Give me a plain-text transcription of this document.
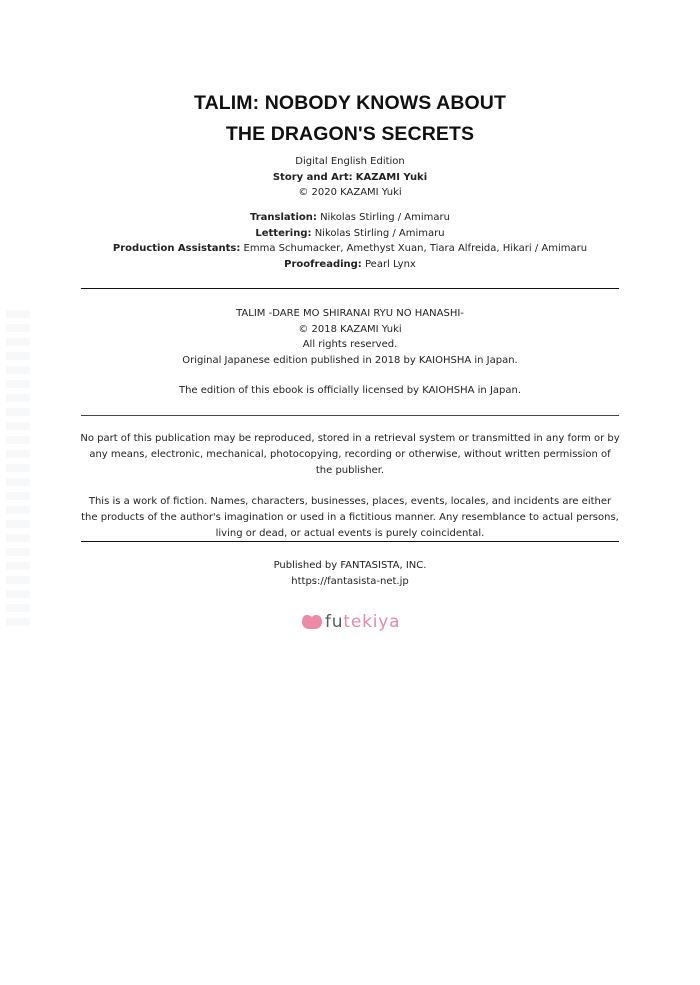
TALIM: NOBODY KNOWS ABOUT
THE DRAGON'S SECRETS
Digital English Edition
Story and Art: KAZAMI Yuki
© 2020 KAZAMI Yuki
Translation: Nikolas Stirling / Amimaru
Lettering: Nikolas Stirling / Amimaru
Production Assistants: Emma Schumacker, Amethyst Xuan, Tiara Alfreida, Hikari / Amimaru
Proofreading: Pearl Lynx
TALIM -DARE MO SHIRANAI RYU NO HANASHI-
© 2018 KAZAMI Yuki
All rights reserved.
Original Japanese edition published in 2018 by KAIOHSHA in Japan.
The edition of this ebook is officially licensed by KAIOHSHA in Japan.

No part of this publication may be reproduced, stored in a retrieval system or transmitted in any form or by any means, electronic, mechanical, photocopying, recording or otherwise, without written permission of the publisher.

This is a work of fiction. Names, characters, businesses, places, events, locales, and incidents are either the products of the author's imagination or used in a fictitious manner. Any resemblance to actual persons, living or dead, or actual events is purely coincidental.

Published by FANTASISTA, INC.
https://fantasista-net.jp
futekiya
